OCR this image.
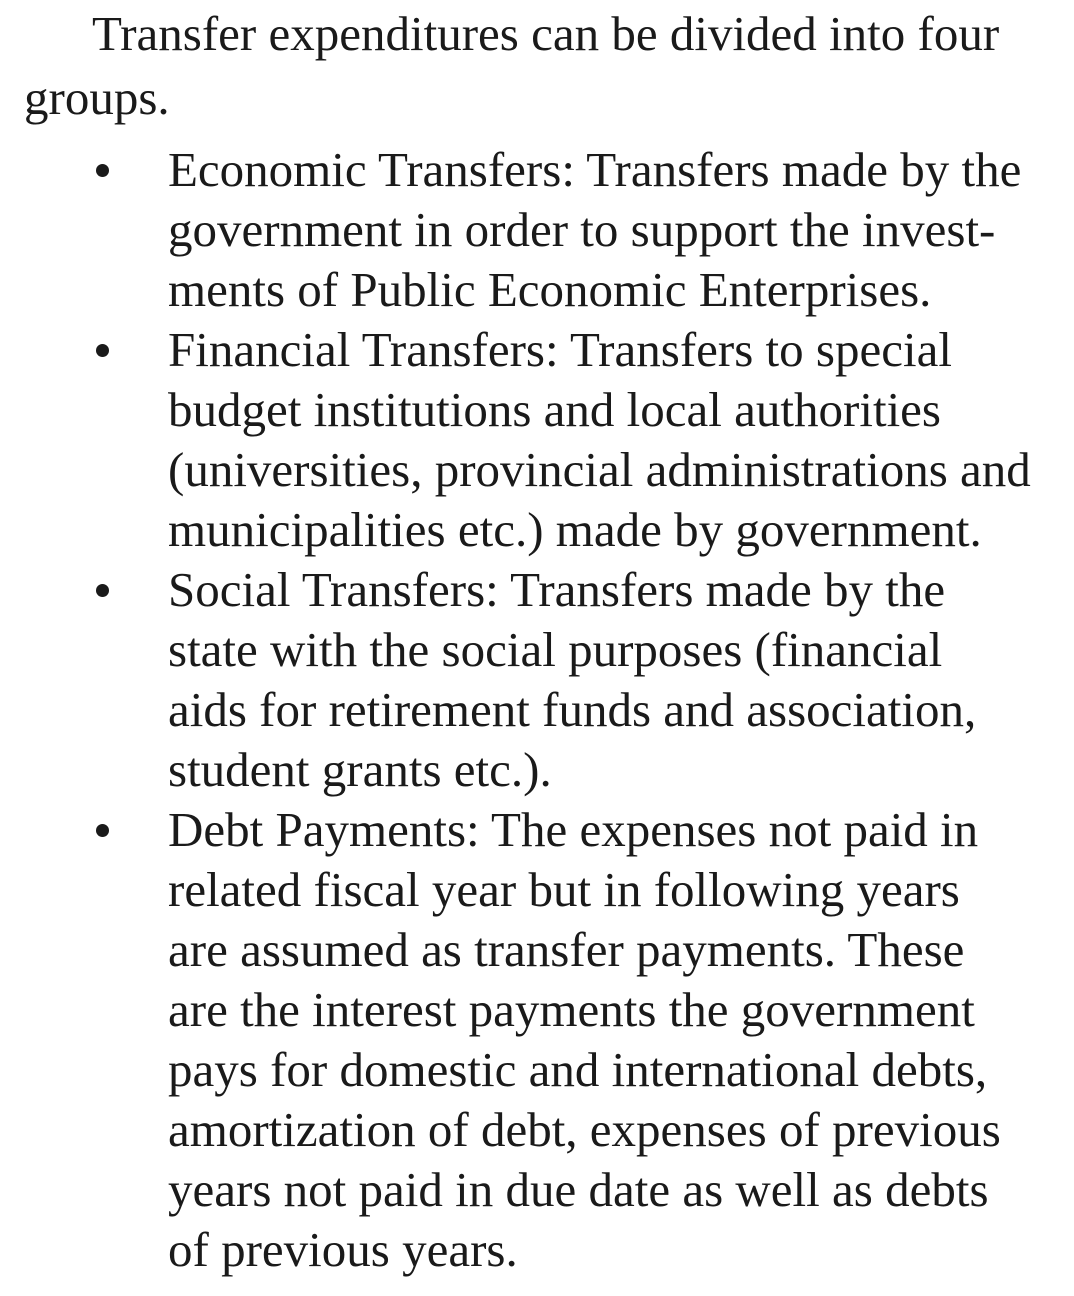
Transfer expenditures can be divided into four
groups.
Economic Transfers: Transfers made by the
government in order to support the invest-
ments of Public Economic Enterprises.
Financial Transfers: Transfers to special
budget institutions and local authorities
(universities, provincial administrations and
municipalities etc.) made by government.
Social Transfers: Transfers made by the
state with the social purposes (financial
aids for retirement funds and association,
student grants etc.).
Debt Payments: The expenses not paid in
related fiscal year but in following years
are assumed as transfer payments. These
are the interest payments the government
pays for domestic and international debts,
amortization of debt, expenses of previous
years not paid in due date as well as debts
of previous years.
